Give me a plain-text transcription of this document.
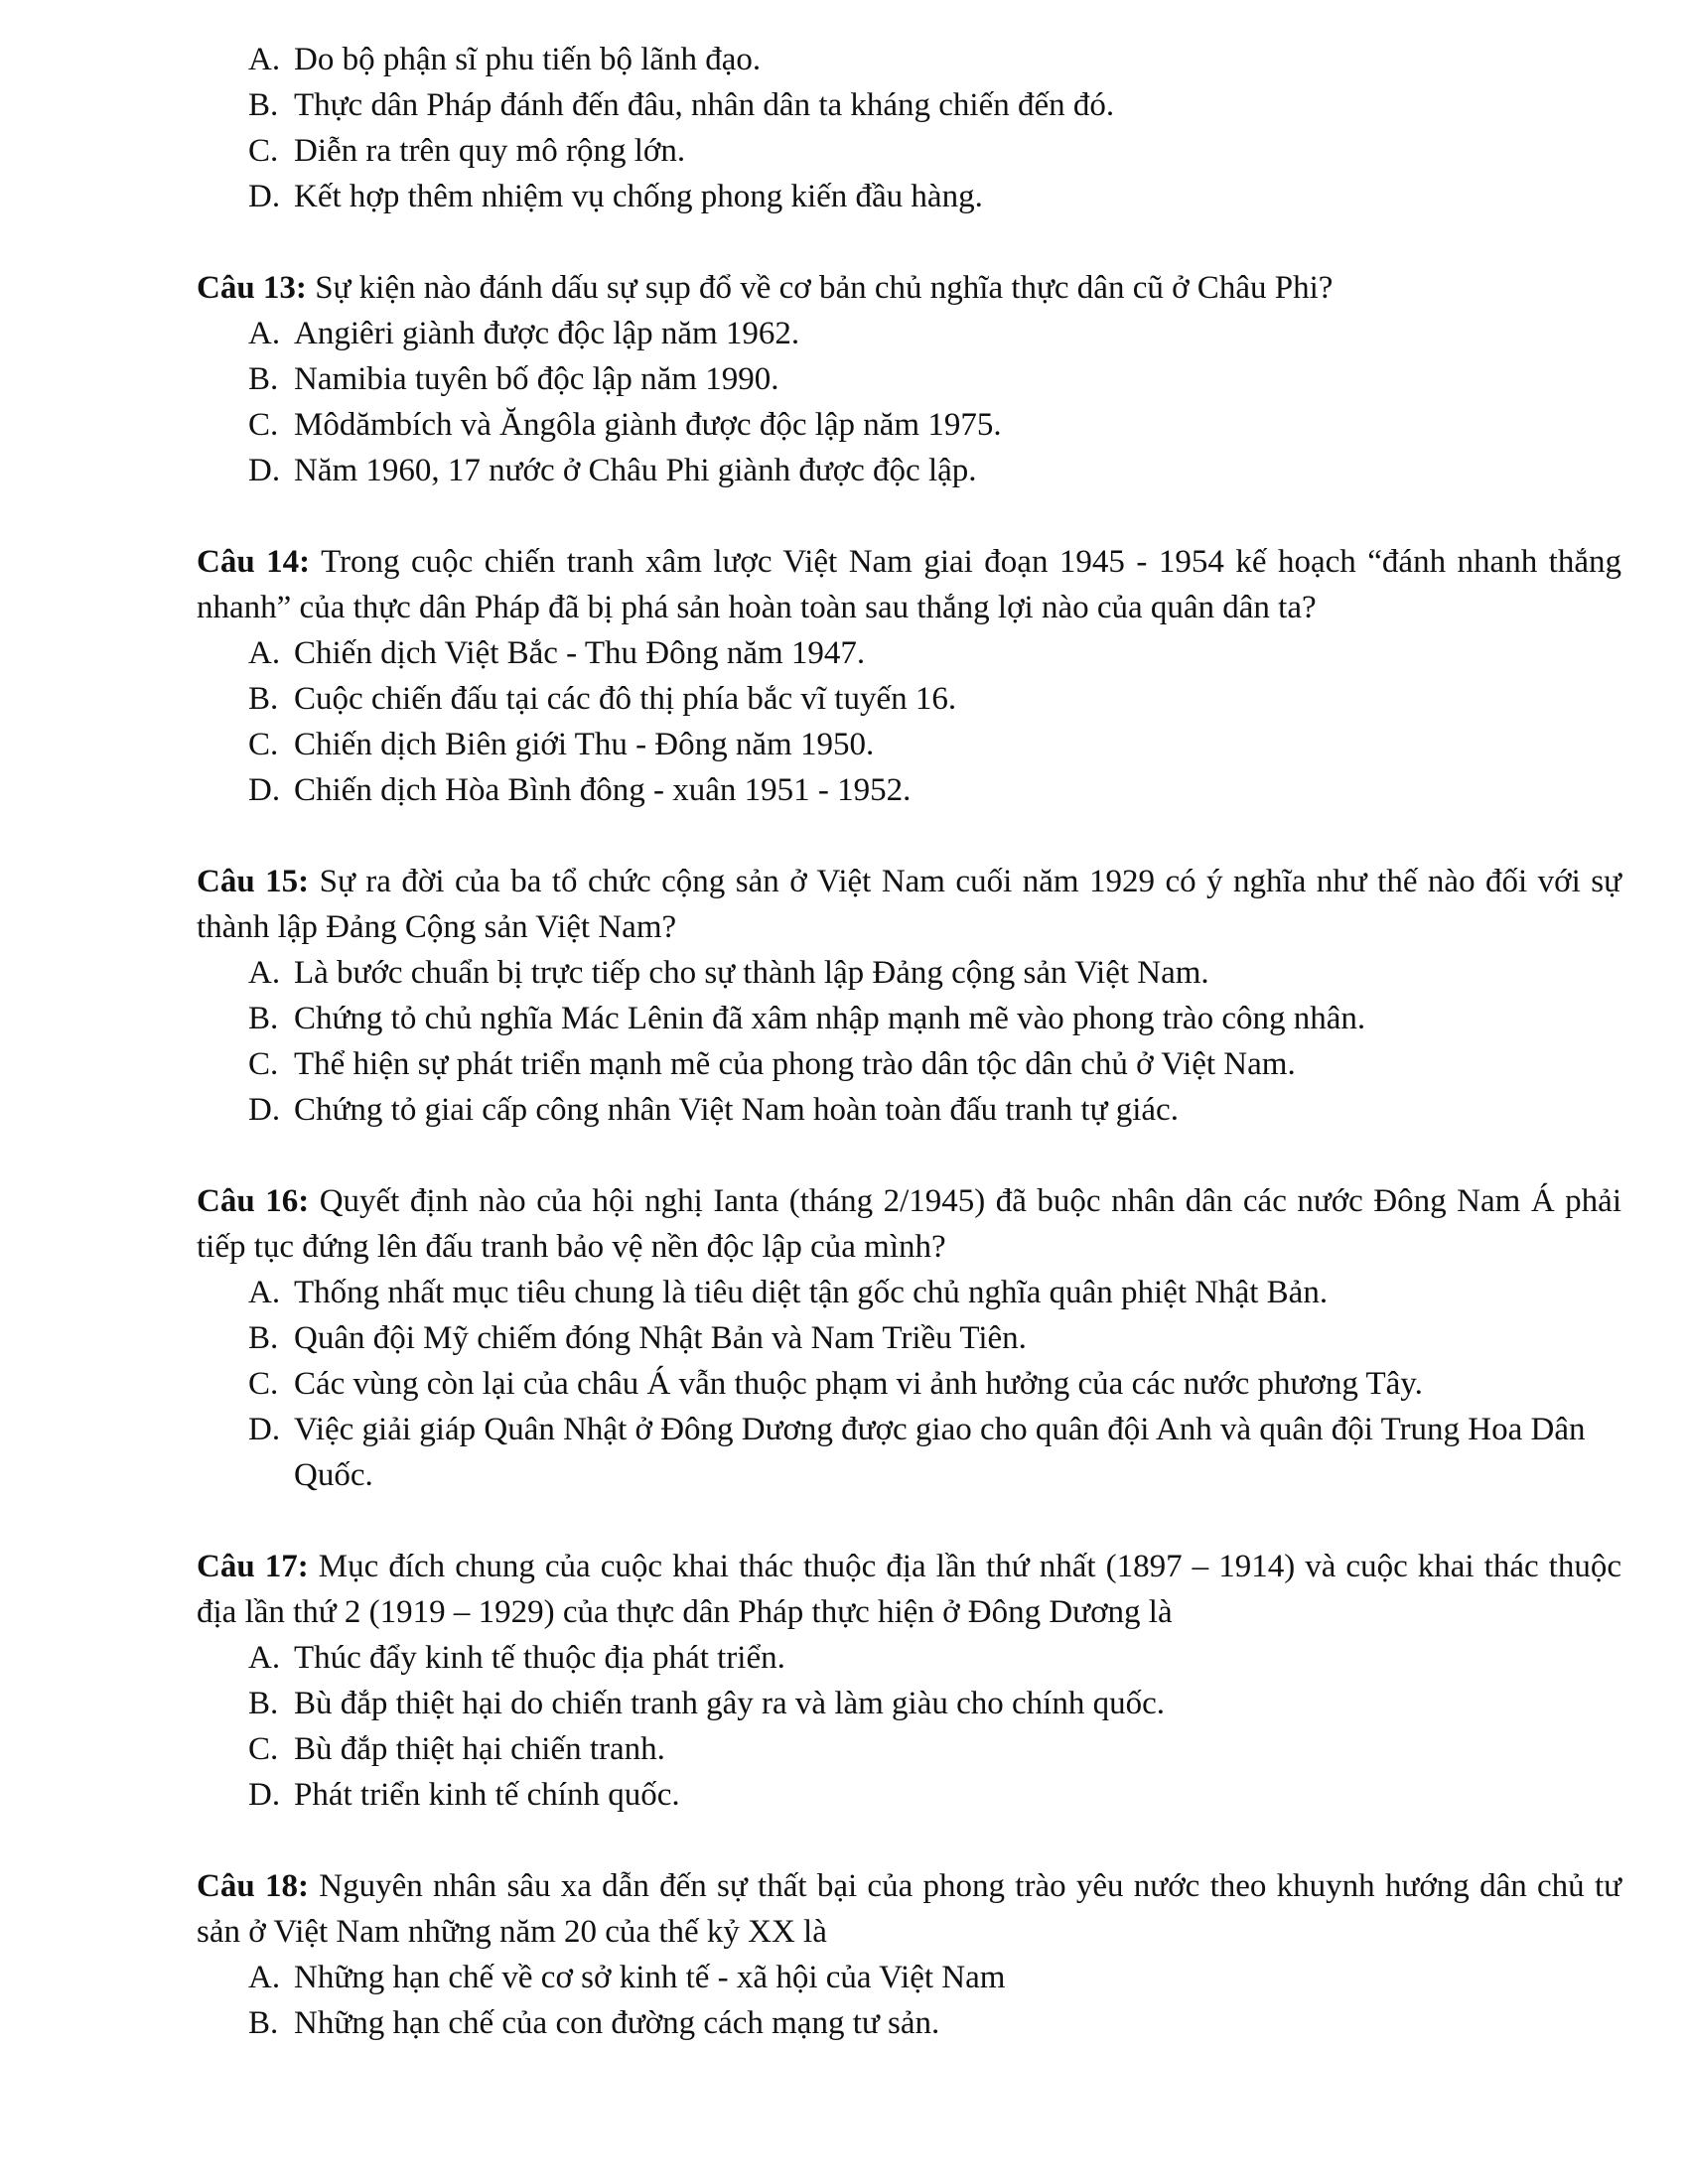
A. Do bộ phận sĩ phu tiến bộ lãnh đạo.
B. Thực dân Pháp đánh đến đâu, nhân dân ta kháng chiến đến đó.
C. Diễn ra trên quy mô rộng lớn.
D. Kết hợp thêm nhiệm vụ chống phong kiến đầu hàng.
Câu 13: Sự kiện nào đánh dấu sự sụp đổ về cơ bản chủ nghĩa thực dân cũ ở Châu Phi?
A. Angiêri giành được độc lập năm 1962.
B. Namibia tuyên bố độc lập năm 1990.
C. Môdămbích và Ăngôla giành được độc lập năm 1975.
D. Năm 1960, 17 nước ở Châu Phi giành được độc lập.
Câu 14: Trong cuộc chiến tranh xâm lược Việt Nam giai đoạn 1945 - 1954 kế hoạch “đánh nhanh thắng nhanh” của thực dân Pháp đã bị phá sản hoàn toàn sau thắng lợi nào của quân dân ta?
A. Chiến dịch Việt Bắc - Thu Đông năm 1947.
B. Cuộc chiến đấu tại các đô thị phía bắc vĩ tuyến 16.
C. Chiến dịch Biên giới Thu - Đông năm 1950.
D. Chiến dịch Hòa Bình đông - xuân 1951 - 1952.
Câu 15: Sự ra đời của ba tổ chức cộng sản ở Việt Nam cuối năm 1929 có ý nghĩa như thế nào đối với sự thành lập Đảng Cộng sản Việt Nam?
A. Là bước chuẩn bị trực tiếp cho sự thành lập Đảng cộng sản Việt Nam.
B. Chứng tỏ chủ nghĩa Mác Lênin đã xâm nhập mạnh mẽ vào phong trào công nhân.
C. Thể hiện sự phát triển mạnh mẽ của phong trào dân tộc dân chủ ở Việt Nam.
D. Chứng tỏ giai cấp công nhân Việt Nam hoàn toàn đấu tranh tự giác.
Câu 16: Quyết định nào của hội nghị Ianta (tháng 2/1945) đã buộc nhân dân các nước Đông Nam Á phải tiếp tục đứng lên đấu tranh bảo vệ nền độc lập của mình?
A. Thống nhất mục tiêu chung là tiêu diệt tận gốc chủ nghĩa quân phiệt Nhật Bản.
B. Quân đội Mỹ chiếm đóng Nhật Bản và Nam Triều Tiên.
C. Các vùng còn lại của châu Á vẫn thuộc phạm vi ảnh hưởng của các nước phương Tây.
D. Việc giải giáp Quân Nhật ở Đông Dương được giao cho quân đội Anh và quân đội Trung Hoa Dân Quốc.
Câu 17: Mục đích chung của cuộc khai thác thuộc địa lần thứ nhất (1897 – 1914) và cuộc khai thác thuộc địa lần thứ 2 (1919 – 1929) của thực dân Pháp thực hiện ở Đông Dương là
A. Thúc đẩy kinh tế thuộc địa phát triển.
B. Bù đắp thiệt hại do chiến tranh gây ra và làm giàu cho chính quốc.
C. Bù đắp thiệt hại chiến tranh.
D. Phát triển kinh tế chính quốc.
Câu 18: Nguyên nhân sâu xa dẫn đến sự thất bại của phong trào yêu nước theo khuynh hướng dân chủ tư sản ở Việt Nam những năm 20 của thế kỷ XX là
A. Những hạn chế về cơ sở kinh tế - xã hội của Việt Nam
B. Những hạn chế của con đường cách mạng tư sản.
